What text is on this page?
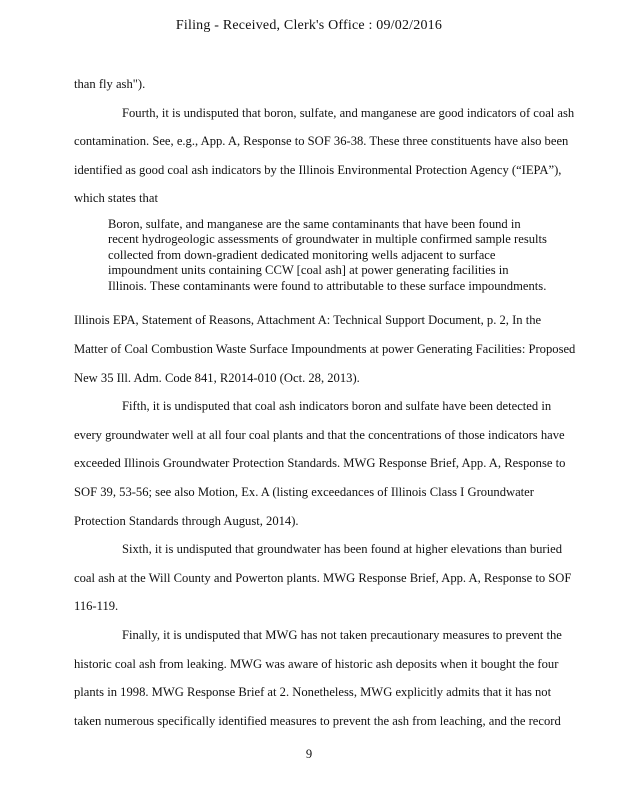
Filing - Received, Clerk's Office : 09/02/2016

than fly ash").

Fourth, it is undisputed that boron, sulfate, and manganese are good indicators of coal ash contamination. See, e.g., App. A, Response to SOF 36-38. These three constituents have also been identified as good coal ash indicators by the Illinois Environmental Protection Agency (“IEPA”), which states that

Boron, sulfate, and manganese are the same contaminants that have been found in recent hydrogeologic assessments of groundwater in multiple confirmed sample results collected from down-gradient dedicated monitoring wells adjacent to surface impoundment units containing CCW [coal ash] at power generating facilities in Illinois. These contaminants were found to attributable to these surface impoundments.

Illinois EPA, Statement of Reasons, Attachment A: Technical Support Document, p. 2, In the Matter of Coal Combustion Waste Surface Impoundments at power Generating Facilities: Proposed New 35 Ill. Adm. Code 841, R2014-010 (Oct. 28, 2013).

Fifth, it is undisputed that coal ash indicators boron and sulfate have been detected in every groundwater well at all four coal plants and that the concentrations of those indicators have exceeded Illinois Groundwater Protection Standards. MWG Response Brief, App. A, Response to SOF 39, 53-56; see also Motion, Ex. A (listing exceedances of Illinois Class I Groundwater Protection Standards through August, 2014).

Sixth, it is undisputed that groundwater has been found at higher elevations than buried coal ash at the Will County and Powerton plants. MWG Response Brief, App. A, Response to SOF 116-119.

Finally, it is undisputed that MWG has not taken precautionary measures to prevent the historic coal ash from leaking. MWG was aware of historic ash deposits when it bought the four plants in 1998. MWG Response Brief at 2. Nonetheless, MWG explicitly admits that it has not taken numerous specifically identified measures to prevent the ash from leaching, and the record

9
